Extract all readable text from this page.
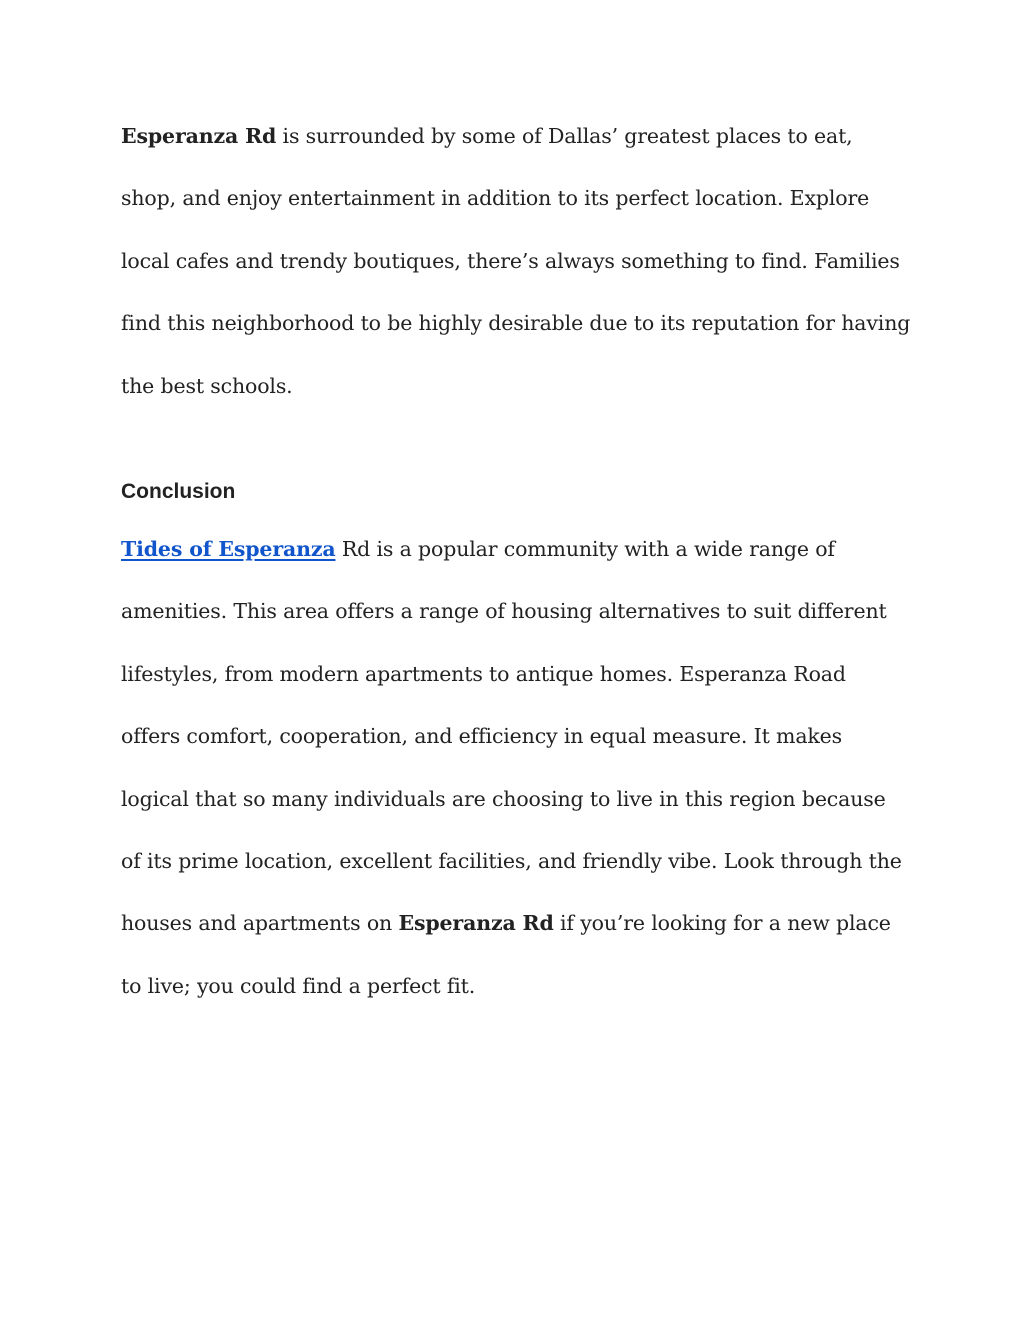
Esperanza Rd is surrounded by some of Dallas’ greatest places to eat, shop, and enjoy entertainment in addition to its perfect location. Explore local cafes and trendy boutiques, there’s always something to find. Families find this neighborhood to be highly desirable due to its reputation for having the best schools.

Conclusion

Tides of Esperanza Rd is a popular community with a wide range of amenities. This area offers a range of housing alternatives to suit different lifestyles, from modern apartments to antique homes. Esperanza Road offers comfort, cooperation, and efficiency in equal measure. It makes logical that so many individuals are choosing to live in this region because of its prime location, excellent facilities, and friendly vibe. Look through the houses and apartments on Esperanza Rd if you’re looking for a new place to live; you could find a perfect fit.
